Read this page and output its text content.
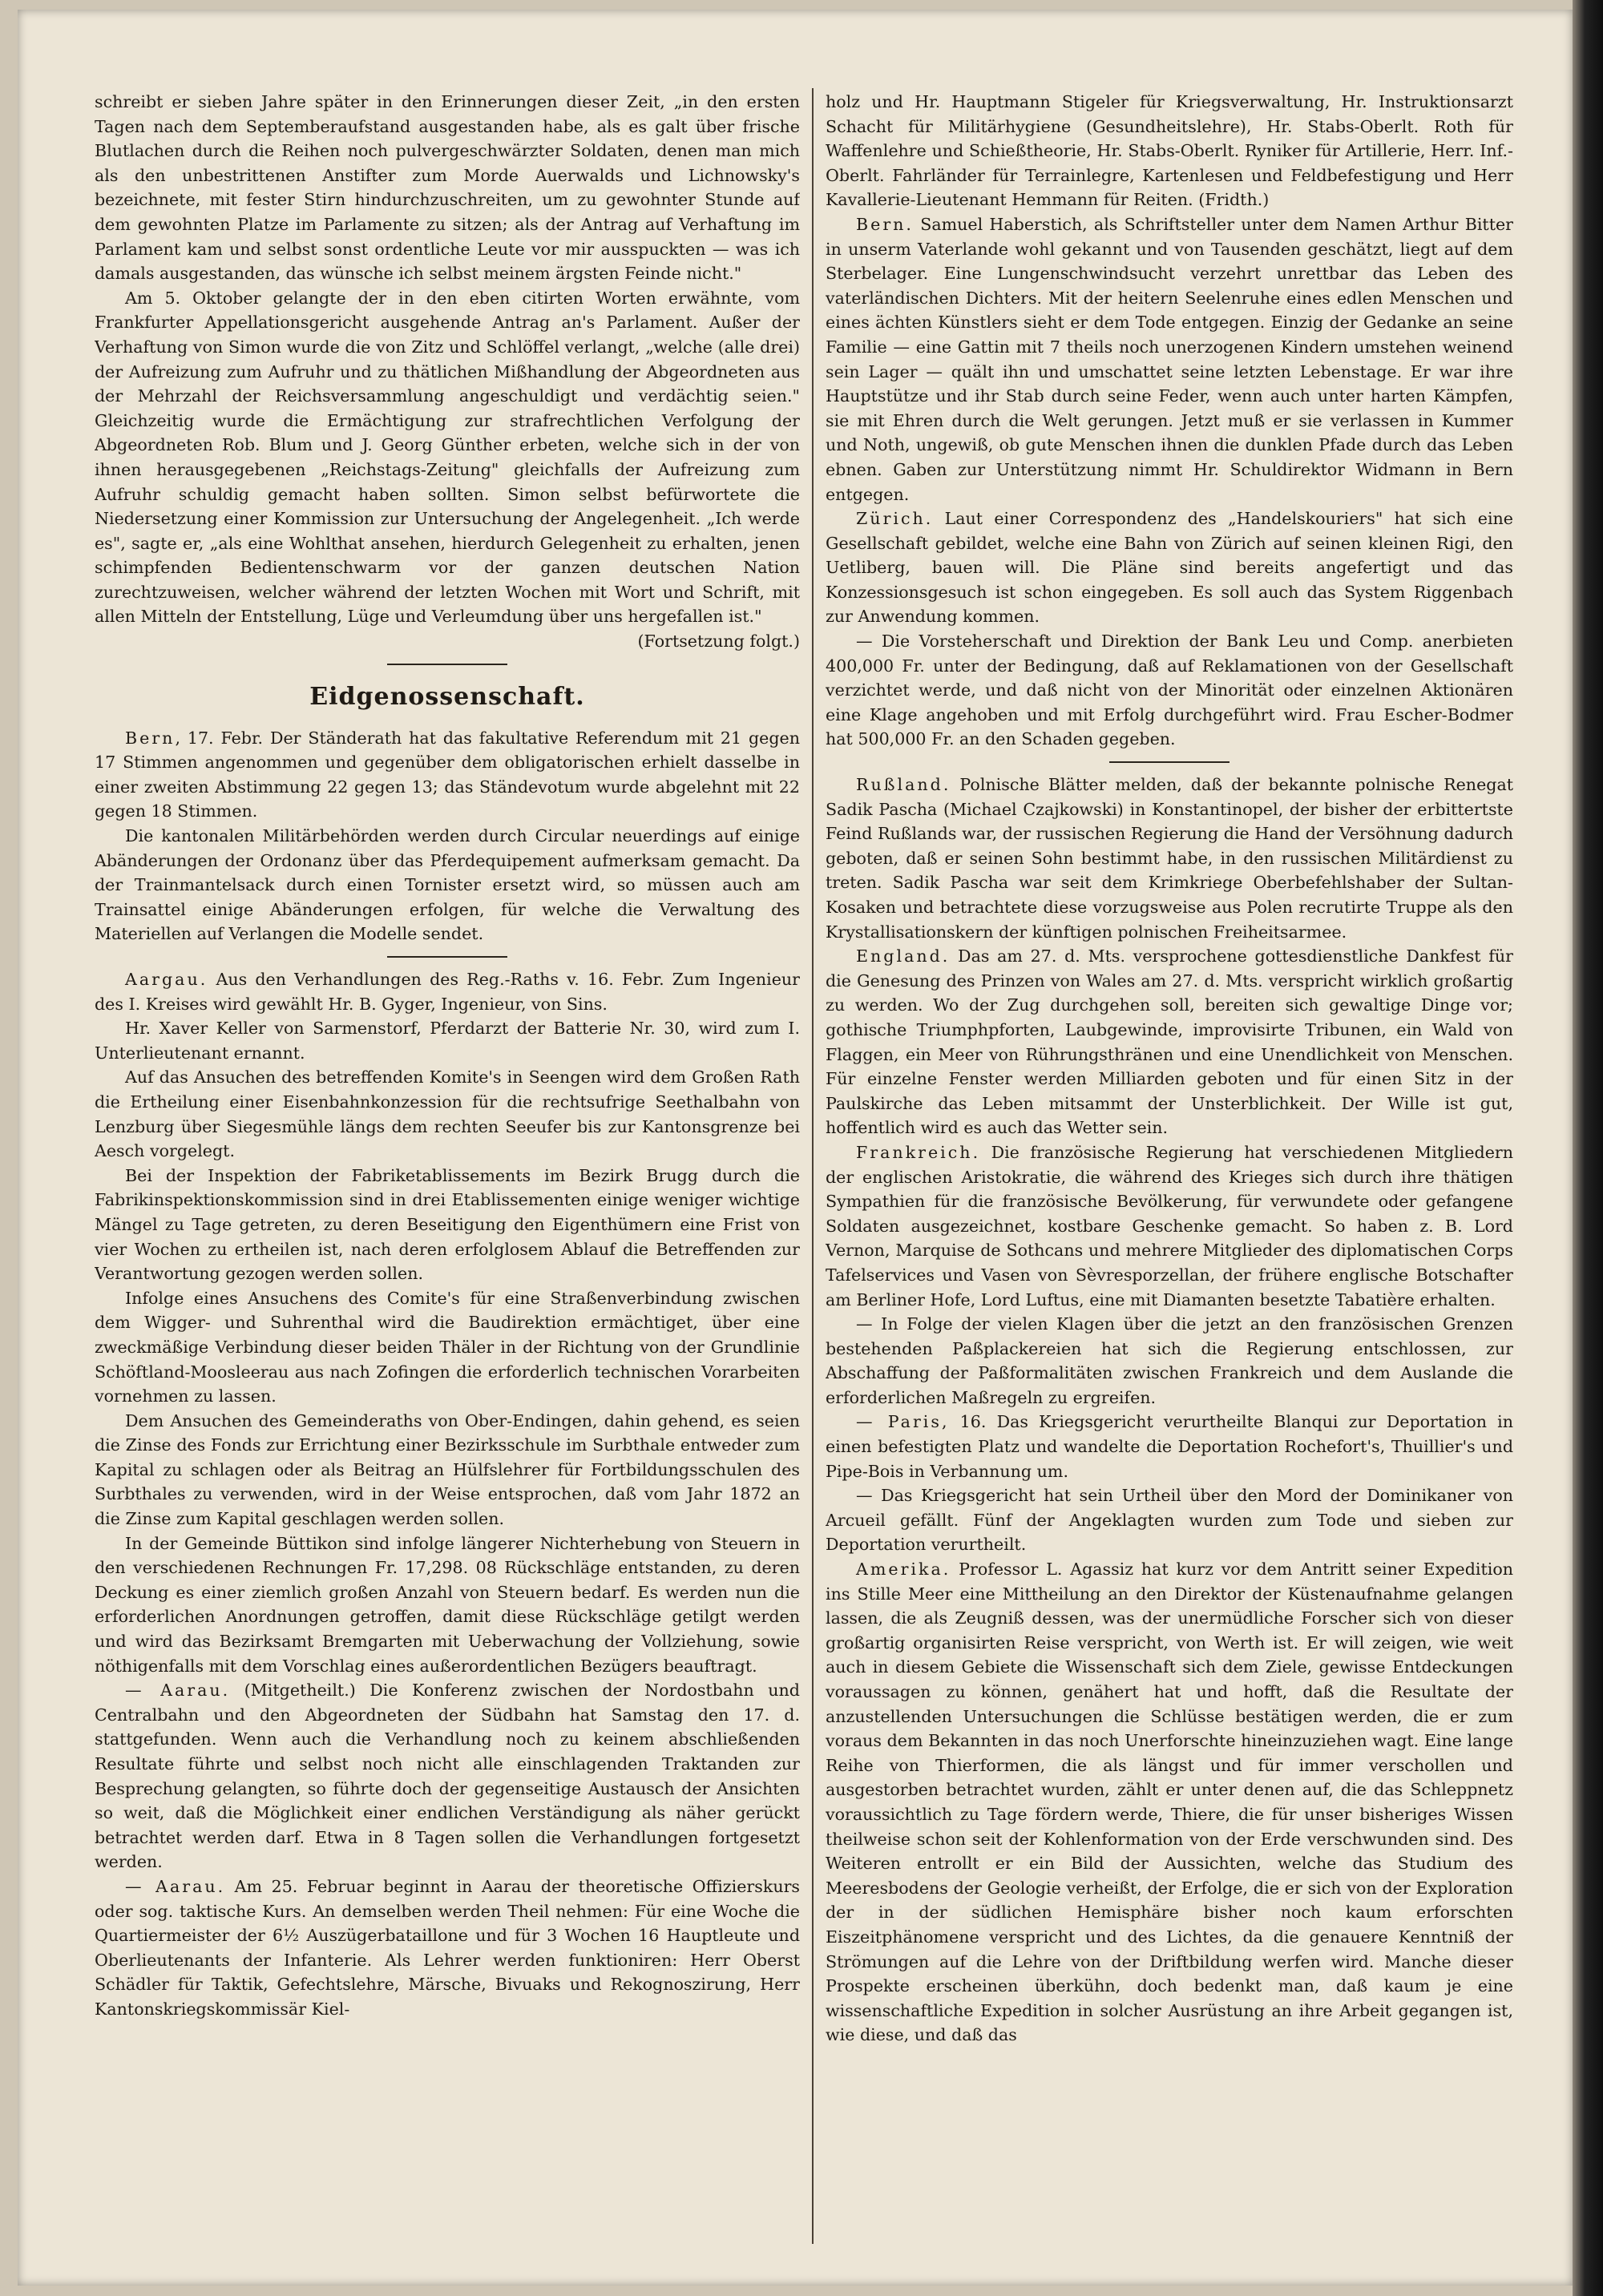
schreibt er sieben Jahre später in den Erinnerungen dieser Zeit, „in den ersten Tagen nach dem Septemberaufstand ausgestanden habe, als es galt über frische Blutlachen durch die Reihen noch pulvergeschwärzter Soldaten, denen man mich als den unbestrittenen Anstifter zum Morde Auerwalds und Lichnowsky's bezeichnete, mit fester Stirn hindurchzuschreiten, um zu gewohnter Stunde auf dem gewohnten Platze im Parlamente zu sitzen; als der Antrag auf Verhaftung im Parlament kam und selbst sonst ordentliche Leute vor mir ausspuckten — was ich damals ausgestanden, das wünsche ich selbst meinem ärgsten Feinde nicht."

Am 5. Oktober gelangte der in den eben citirten Worten erwähnte, vom Frankfurter Appellationsgericht ausgehende Antrag an's Parlament. Außer der Verhaftung von Simon wurde die von Zitz und Schlöffel verlangt, „welche (alle drei) der Aufreizung zum Aufruhr und zu thätlichen Mißhandlung der Abgeordneten aus der Mehrzahl der Reichsversammlung angeschuldigt und verdächtig seien." Gleichzeitig wurde die Ermächtigung zur strafrechtlichen Verfolgung der Abgeordneten Rob. Blum und J. Georg Günther erbeten, welche sich in der von ihnen herausgegebenen „Reichstags-Zeitung" gleichfalls der Aufreizung zum Aufruhr schuldig gemacht haben sollten. Simon selbst befürwortete die Niedersetzung einer Kommission zur Untersuchung der Angelegenheit. „Ich werde es", sagte er, „als eine Wohlthat ansehen, hierdurch Gelegenheit zu erhalten, jenen schimpfenden Bedientenschwarm vor der ganzen deutschen Nation zurechtzuweisen, welcher während der letzten Wochen mit Wort und Schrift, mit allen Mitteln der Entstellung, Lüge und Verleumdung über uns hergefallen ist."

(Fortsetzung folgt.)

Eidgenossenschaft.

Bern, 17. Febr. Der Ständerath hat das fakultative Referendum mit 21 gegen 17 Stimmen angenommen und gegenüber dem obligatorischen erhielt dasselbe in einer zweiten Abstimmung 22 gegen 13; das Ständevotum wurde abgelehnt mit 22 gegen 18 Stimmen.

Die kantonalen Militärbehörden werden durch Circular neuerdings auf einige Abänderungen der Ordonanz über das Pferdequipement aufmerksam gemacht. Da der Trainmantelsack durch einen Tornister ersetzt wird, so müssen auch am Trainsattel einige Abänderungen erfolgen, für welche die Verwaltung des Materiellen auf Verlangen die Modelle sendet.

Aargau. Aus den Verhandlungen des Reg.-Raths v. 16. Febr. Zum Ingenieur des I. Kreises wird gewählt Hr. B. Gyger, Ingenieur, von Sins.

Hr. Xaver Keller von Sarmenstorf, Pferdarzt der Batterie Nr. 30, wird zum I. Unterlieutenant ernannt.

Auf das Ansuchen des betreffenden Komite's in Seengen wird dem Großen Rath die Ertheilung einer Eisenbahnkonzession für die rechtsufrige Seethalbahn von Lenzburg über Siegesmühle längs dem rechten Seeufer bis zur Kantonsgrenze bei Aesch vorgelegt.

Bei der Inspektion der Fabriketablissements im Bezirk Brugg durch die Fabrikinspektionskommission sind in drei Etablissementen einige weniger wichtige Mängel zu Tage getreten, zu deren Beseitigung den Eigenthümern eine Frist von vier Wochen zu ertheilen ist, nach deren erfolglosem Ablauf die Betreffenden zur Verantwortung gezogen werden sollen.

Infolge eines Ansuchens des Comite's für eine Straßenverbindung zwischen dem Wigger- und Suhrenthal wird die Baudirektion ermächtiget, über eine zweckmäßige Verbindung dieser beiden Thäler in der Richtung von der Grundlinie Schöftland-Moosleerau aus nach Zofingen die erforderlich technischen Vorarbeiten vornehmen zu lassen.

Dem Ansuchen des Gemeinderaths von Ober-Endingen, dahin gehend, es seien die Zinse des Fonds zur Errichtung einer Bezirksschule im Surbthale entweder zum Kapital zu schlagen oder als Beitrag an Hülfslehrer für Fortbildungsschulen des Surbthales zu verwenden, wird in der Weise entsprochen, daß vom Jahr 1872 an die Zinse zum Kapital geschlagen werden sollen.

In der Gemeinde Büttikon sind infolge längerer Nichterhebung von Steuern in den verschiedenen Rechnungen Fr. 17,298. 08 Rückschläge entstanden, zu deren Deckung es einer ziemlich großen Anzahl von Steuern bedarf. Es werden nun die erforderlichen Anordnungen getroffen, damit diese Rückschläge getilgt werden und wird das Bezirksamt Bremgarten mit Ueberwachung der Vollziehung, sowie nöthigenfalls mit dem Vorschlag eines außerordentlichen Bezügers beauftragt.

— Aarau. (Mitgetheilt.) Die Konferenz zwischen der Nordostbahn und Centralbahn und den Abgeordneten der Südbahn hat Samstag den 17. d. stattgefunden. Wenn auch die Verhandlung noch zu keinem abschließenden Resultate führte und selbst noch nicht alle einschlagenden Traktanden zur Besprechung gelangten, so führte doch der gegenseitige Austausch der Ansichten so weit, daß die Möglichkeit einer endlichen Verständigung als näher gerückt betrachtet werden darf. Etwa in 8 Tagen sollen die Verhandlungen fortgesetzt werden.

— Aarau. Am 25. Februar beginnt in Aarau der theoretische Offizierskurs oder sog. taktische Kurs. An demselben werden Theil nehmen: Für eine Woche die Quartiermeister der 6½ Auszügerbataillone und für 3 Wochen 16 Hauptleute und Oberlieutenants der Infanterie. Als Lehrer werden funktioniren: Herr Oberst Schädler für Taktik, Gefechtslehre, Märsche, Bivuaks und Rekognoszirung, Herr Kantonskriegskommissär Kiel-

holz und Hr. Hauptmann Stigeler für Kriegsverwaltung, Hr. Instruktionsarzt Schacht für Militärhygiene (Gesundheitslehre), Hr. Stabs-Oberlt. Roth für Waffenlehre und Schießtheorie, Hr. Stabs-Oberlt. Ryniker für Artillerie, Herr. Inf.-Oberlt. Fahrländer für Terrainlegre, Kartenlesen und Feldbefestigung und Herr Kavallerie-Lieutenant Hemmann für Reiten. (Fridth.)

Bern. Samuel Haberstich, als Schriftsteller unter dem Namen Arthur Bitter in unserm Vaterlande wohl gekannt und von Tausenden geschätzt, liegt auf dem Sterbelager. Eine Lungenschwindsucht verzehrt unrettbar das Leben des vaterländischen Dichters. Mit der heitern Seelenruhe eines edlen Menschen und eines ächten Künstlers sieht er dem Tode entgegen. Einzig der Gedanke an seine Familie — eine Gattin mit 7 theils noch unerzogenen Kindern umstehen weinend sein Lager — quält ihn und umschattet seine letzten Lebenstage. Er war ihre Hauptstütze und ihr Stab durch seine Feder, wenn auch unter harten Kämpfen, sie mit Ehren durch die Welt gerungen. Jetzt muß er sie verlassen in Kummer und Noth, ungewiß, ob gute Menschen ihnen die dunklen Pfade durch das Leben ebnen. Gaben zur Unterstützung nimmt Hr. Schuldirektor Widmann in Bern entgegen.

Zürich. Laut einer Correspondenz des „Handelskouriers" hat sich eine Gesellschaft gebildet, welche eine Bahn von Zürich auf seinen kleinen Rigi, den Uetliberg, bauen will. Die Pläne sind bereits angefertigt und das Konzessionsgesuch ist schon eingegeben. Es soll auch das System Riggenbach zur Anwendung kommen.

— Die Vorsteherschaft und Direktion der Bank Leu und Comp. anerbieten 400,000 Fr. unter der Bedingung, daß auf Reklamationen von der Gesellschaft verzichtet werde, und daß nicht von der Minorität oder einzelnen Aktionären eine Klage angehoben und mit Erfolg durchgeführt wird. Frau Escher-Bodmer hat 500,000 Fr. an den Schaden gegeben.

Rußland. Polnische Blätter melden, daß der bekannte polnische Renegat Sadik Pascha (Michael Czajkowski) in Konstantinopel, der bisher der erbittertste Feind Rußlands war, der russischen Regierung die Hand der Versöhnung dadurch geboten, daß er seinen Sohn bestimmt habe, in den russischen Militärdienst zu treten. Sadik Pascha war seit dem Krimkriege Oberbefehlshaber der Sultan-Kosaken und betrachtete diese vorzugsweise aus Polen recrutirte Truppe als den Krystallisationskern der künftigen polnischen Freiheitsarmee.

England. Das am 27. d. Mts. versprochene gottesdienstliche Dankfest für die Genesung des Prinzen von Wales am 27. d. Mts. verspricht wirklich großartig zu werden. Wo der Zug durchgehen soll, bereiten sich gewaltige Dinge vor; gothische Triumphpforten, Laubgewinde, improvisirte Tribunen, ein Wald von Flaggen, ein Meer von Rührungsthränen und eine Unendlichkeit von Menschen. Für einzelne Fenster werden Milliarden geboten und für einen Sitz in der Paulskirche das Leben mitsammt der Unsterblichkeit. Der Wille ist gut, hoffentlich wird es auch das Wetter sein.

Frankreich. Die französische Regierung hat verschiedenen Mitgliedern der englischen Aristokratie, die während des Krieges sich durch ihre thätigen Sympathien für die französische Bevölkerung, für verwundete oder gefangene Soldaten ausgezeichnet, kostbare Geschenke gemacht. So haben z. B. Lord Vernon, Marquise de Sothcans und mehrere Mitglieder des diplomatischen Corps Tafelservices und Vasen von Sèvresporzellan, der frühere englische Botschafter am Berliner Hofe, Lord Luftus, eine mit Diamanten besetzte Tabatière erhalten.

— In Folge der vielen Klagen über die jetzt an den französischen Grenzen bestehenden Paßplackereien hat sich die Regierung entschlossen, zur Abschaffung der Paßformalitäten zwischen Frankreich und dem Auslande die erforderlichen Maßregeln zu ergreifen.

— Paris, 16. Das Kriegsgericht verurtheilte Blanqui zur Deportation in einen befestigten Platz und wandelte die Deportation Rochefort's, Thuillier's und Pipe-Bois in Verbannung um.

— Das Kriegsgericht hat sein Urtheil über den Mord der Dominikaner von Arcueil gefällt. Fünf der Angeklagten wurden zum Tode und sieben zur Deportation verurtheilt.

Amerika. Professor L. Agassiz hat kurz vor dem Antritt seiner Expedition ins Stille Meer eine Mittheilung an den Direktor der Küstenaufnahme gelangen lassen, die als Zeugniß dessen, was der unermüdliche Forscher sich von dieser großartig organisirten Reise verspricht, von Werth ist. Er will zeigen, wie weit auch in diesem Gebiete die Wissenschaft sich dem Ziele, gewisse Entdeckungen voraussagen zu können, genähert hat und hofft, daß die Resultate der anzustellenden Untersuchungen die Schlüsse bestätigen werden, die er zum voraus dem Bekannten in das noch Unerforschte hineinzuziehen wagt. Eine lange Reihe von Thierformen, die als längst und für immer verschollen und ausgestorben betrachtet wurden, zählt er unter denen auf, die das Schleppnetz voraussichtlich zu Tage fördern werde, Thiere, die für unser bisheriges Wissen theilweise schon seit der Kohlenformation von der Erde verschwunden sind. Des Weiteren entrollt er ein Bild der Aussichten, welche das Studium des Meeresbodens der Geologie verheißt, der Erfolge, die er sich von der Exploration der in der südlichen Hemisphäre bisher noch kaum erforschten Eiszeitphänomene verspricht und des Lichtes, da die genauere Kenntniß der Strömungen auf die Lehre von der Driftbildung werfen wird. Manche dieser Prospekte erscheinen überkühn, doch bedenkt man, daß kaum je eine wissenschaftliche Expedition in solcher Ausrüstung an ihre Arbeit gegangen ist, wie diese, und daß das
